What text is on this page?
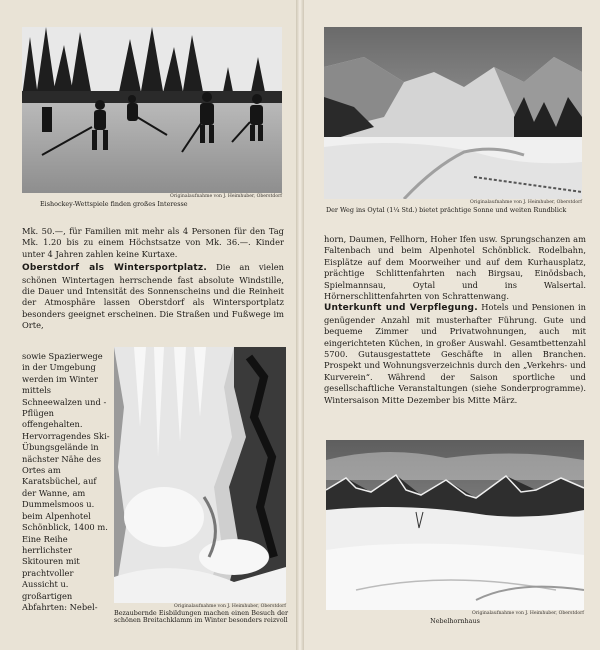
Originalaufnahme von J. Heimhuber, Oberstdorf
Eishockey-Wettspiele finden großes Interesse

Mk. 50.—, für Familien mit mehr als 4 Personen für den Tag Mk. 1.20 bis zu einem Höchstsatze von Mk. 36.—. Kinder unter 4 Jahren zahlen keine Kurtaxe.

Oberstdorf als Wintersportplatz. Die an vielen schönen Wintertagen herrschende fast absolute Windstille, die Dauer und Intensität des Sonnenscheins und die Reinheit der Atmosphäre lassen Oberstdorf als Wintersportplatz besonders geeignet erscheinen. Die Straßen und Fußwege im Orte,

sowie Spazierwege in der Umgebung werden im Winter mittels Schneewalzen und -Pflügen offengehalten. Hervorragendes Ski-Übungsgelände in nächster Nähe des Ortes am Karatsbüchel, auf der Wanne, am Dummelsmoos u. beim Alpenhotel Schönblick, 1400 m. Eine Reihe herrlichster Skitouren mit prachtvoller Aussicht u. großartigen Abfahrten: Nebel-	Originalaufnahme von J. Heimhuber, Oberstdorf
Bezaubernde Eisbildungen machen einen Besuch der schönen Breitachklamm im Winter besonders reizvoll
Originalaufnahme von J. Heimhuber, Oberstdorf
Der Weg ins Oytal (1¼ Std.) bietet prächtige Sonne und weiten Rundblick

horn, Daumen, Fellhorn, Hoher Ifen usw. Sprungschanzen am Faltenbach und beim Alpenhotel Schönblick. Rodelbahn, Eisplätze auf dem Moorweiher und auf dem Kurhausplatz, prächtige Schlittenfahrten nach Birgsau, Einödsbach, Spielmannsau, Oytal und ins Walsertal. Hörnerschlittenfahrten von Schrattenwang.

Unterkunft und Verpflegung. Hotels und Pensionen in genügender Anzahl mit musterhafter Führung. Gute und bequeme Zimmer und Privatwohnungen, auch mit eingerichteten Küchen, in großer Auswahl. Gesamtbettenzahl 5700. Gutausgestattete Geschäfte in allen Branchen. Prospekt und Wohnungsverzeichnis durch den „Verkehrs- und Kurverein“. Während der Saison sportliche und gesellschaftliche Veranstaltungen (siehe Sonderprogramme). Wintersaison Mitte Dezember bis Mitte März.

Originalaufnahme von J. Heimhuber, Oberstdorf
Nebelhornhaus
